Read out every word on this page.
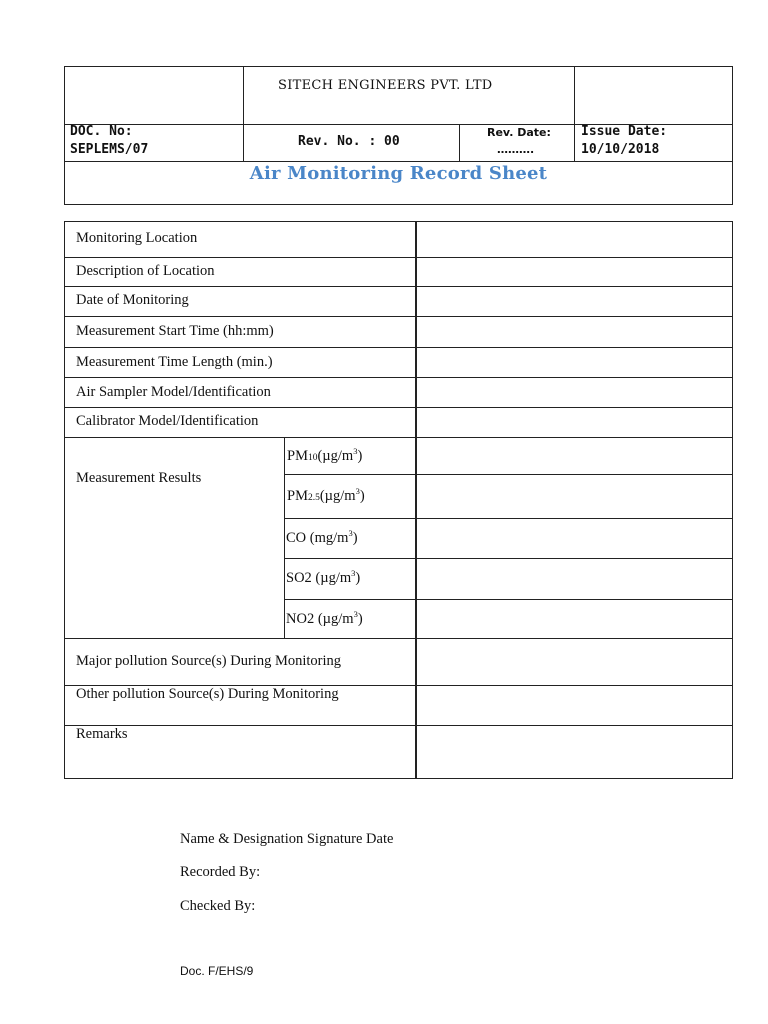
SITECH ENGINEERS PVT. LTD
DOC. No:
SEPLEMS/07
Rev. No. : 00
Rev. Date:
……….
Issue Date:
10/10/2018
Air Monitoring Record Sheet
Monitoring Location
Description of Location
Date of Monitoring
Measurement Start Time (hh:mm)
Measurement Time Length (min.)
Air Sampler Model/Identification
Calibrator Model/Identification
Measurement Results
$PM10(\mu g/m^3)$
$PM2.5(\mu g/m^3)$
CO $(mg/m^3)$
SO2 $(\mu g/m^3)$
NO2 $(\mu g/m^3)$
Major pollution Source(s) During Monitoring
Other pollution Source(s) During Monitoring
Remarks
Name & Designation Signature Date
Recorded By:
Checked By:
Doc. F/EHS/9
